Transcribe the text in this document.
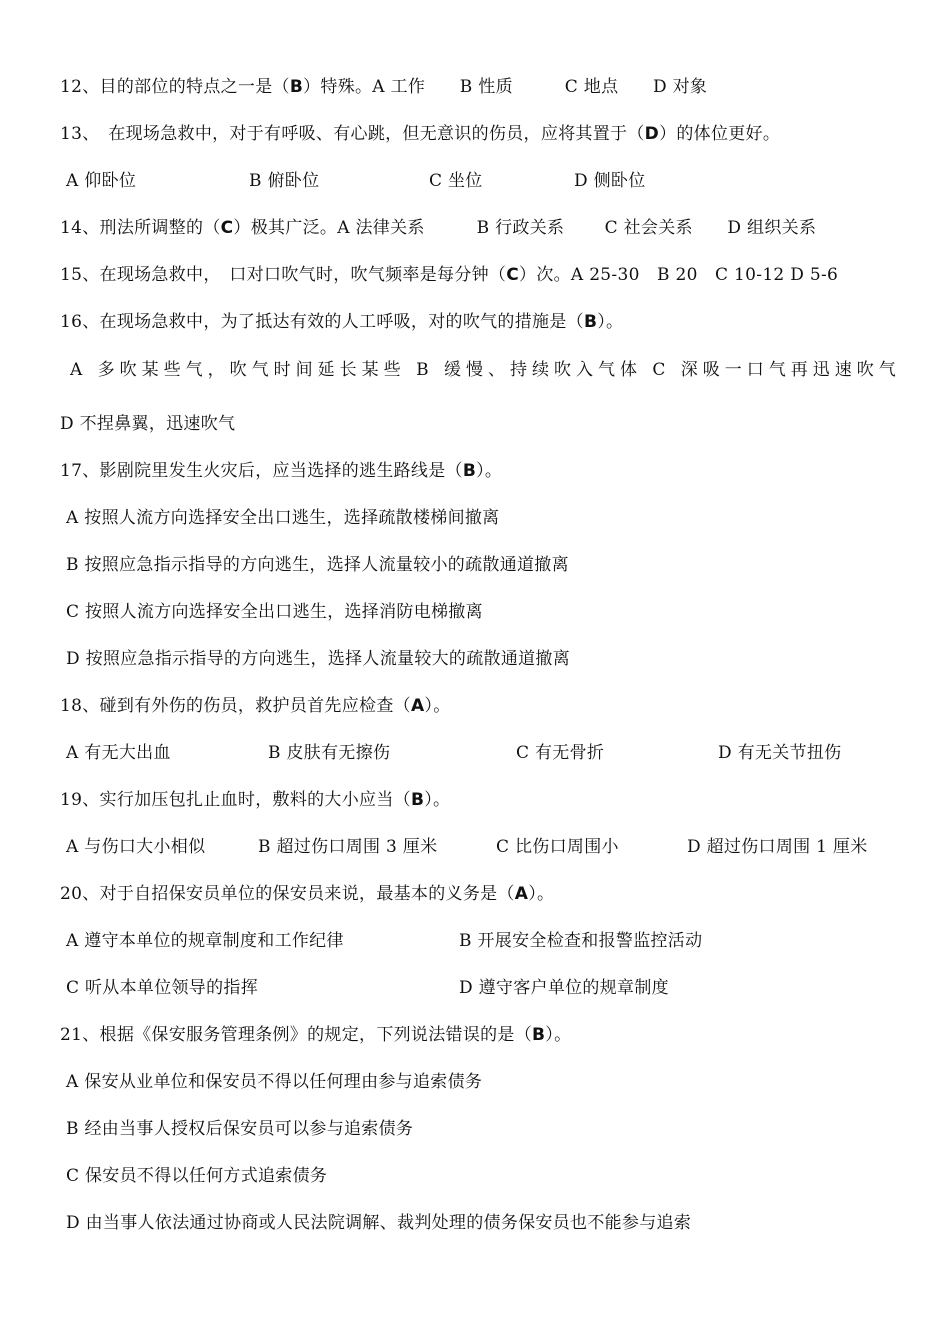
12、目的部位的特点之一是（B）特殊。A 工作　　B 性质　　　C 地点　　D 对象
13、　在现场急救中，对于有呼吸、有心跳，但无意识的伤员，应将其置于（D）的体位更好。

A 仰卧位

	B 俯卧位

	C 坐位

	D 侧卧位

14、刑法所调整的（C）极其广泛。A 法律关系　　　B 行政关系　　 C 社会关系　　D 组织关系
15、在现场急救中，　口对口吹气时，吹气频率是每分钟（C）次。A 25-30　B 20　C 10-12 D 5-6
16、在现场急救中，为了抵达有效的人工呼吸，对的吹气的措施是（B）。
A 多吹某些气，吹气时间延长某些 B 缓慢、持续吹入气体 C 深吸一口气再迅速吹气
D 不捏鼻翼，迅速吹气
17、影剧院里发生火灾后，应当选择的逃生路线是（B）。
A 按照人流方向选择安全出口逃生，选择疏散楼梯间撤离
B 按照应急指示指导的方向逃生，选择人流量较小的疏散通道撤离
C 按照人流方向选择安全出口逃生，选择消防电梯撤离
D 按照应急指示指导的方向逃生，选择人流量较大的疏散通道撤离
18、碰到有外伤的伤员，救护员首先应检查（A）。

A 有无大出血

	B 皮肤有无擦伤

	C 有无骨折

	D 有无关节扭伤

19、实行加压包扎止血时，敷料的大小应当（B）。

A 与伤口大小相似

	B 超过伤口周围 3 厘米

	C 比伤口周围小

	D 超过伤口周围 1 厘米

20、对于自招保安员单位的保安员来说，最基本的义务是（A）。

A 遵守本单位的规章制度和工作纪律

	B 开展安全检查和报警监控活动

C 听从本单位领导的指挥

	D 遵守客户单位的规章制度

21、根据《保安服务管理条例》的规定，下列说法错误的是（B）。
A 保安从业单位和保安员不得以任何理由参与追索债务
B 经由当事人授权后保安员可以参与追索债务
C 保安员不得以任何方式追索债务
D 由当事人依法通过协商或人民法院调解、裁判处理的债务保安员也不能参与追索
